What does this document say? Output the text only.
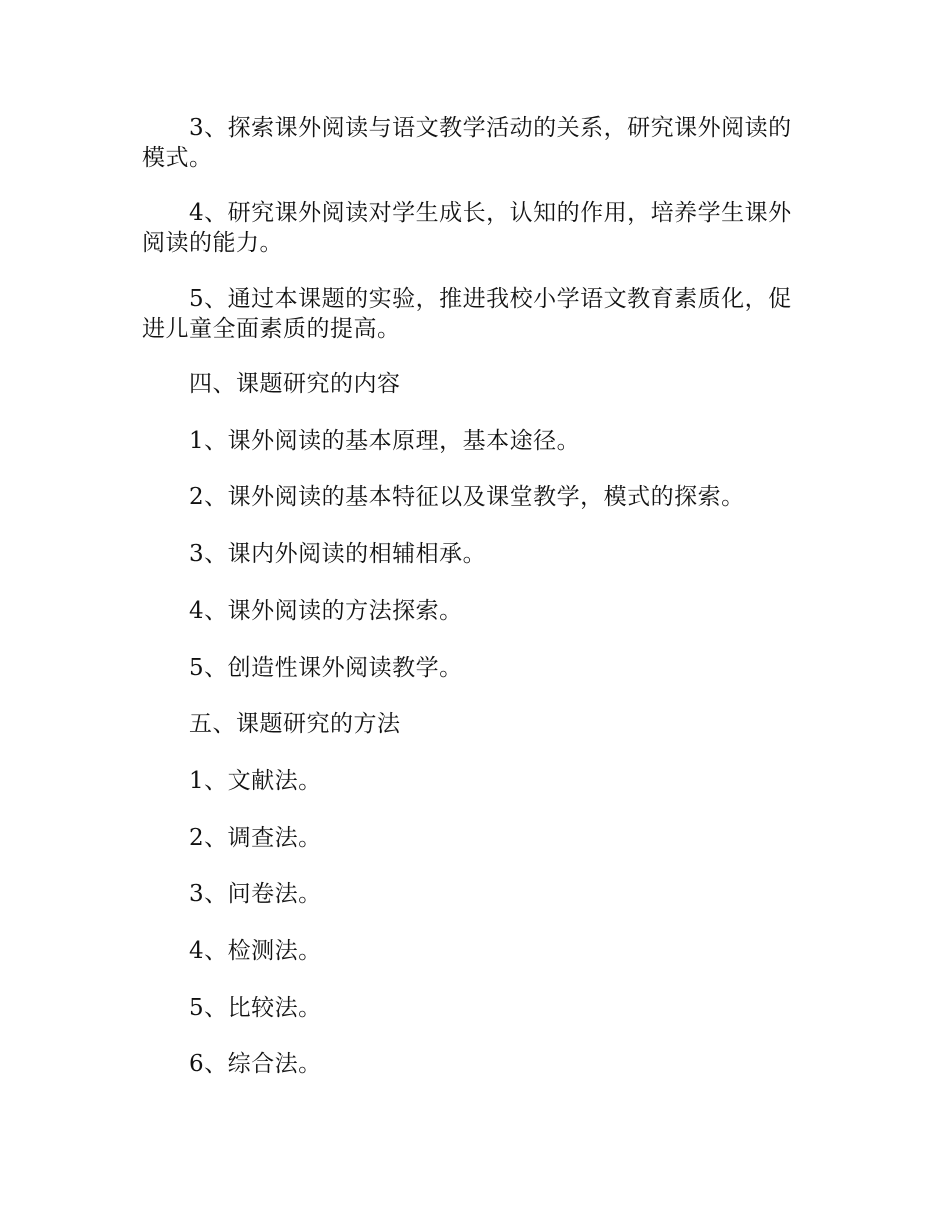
3、探索课外阅读与语文教学活动的关系，研究课外阅读的模式。

4、研究课外阅读对学生成长，认知的作用，培养学生课外阅读的能力。

5、通过本课题的实验，推进我校小学语文教育素质化，促进儿童全面素质的提高。

四、课题研究的内容

1、课外阅读的基本原理，基本途径。

2、课外阅读的基本特征以及课堂教学，模式的探索。

3、课内外阅读的相辅相承。

4、课外阅读的方法探索。

5、创造性课外阅读教学。

五、课题研究的方法

1、文献法。

2、调查法。

3、问卷法。

4、检测法。

5、比较法。

6、综合法。
